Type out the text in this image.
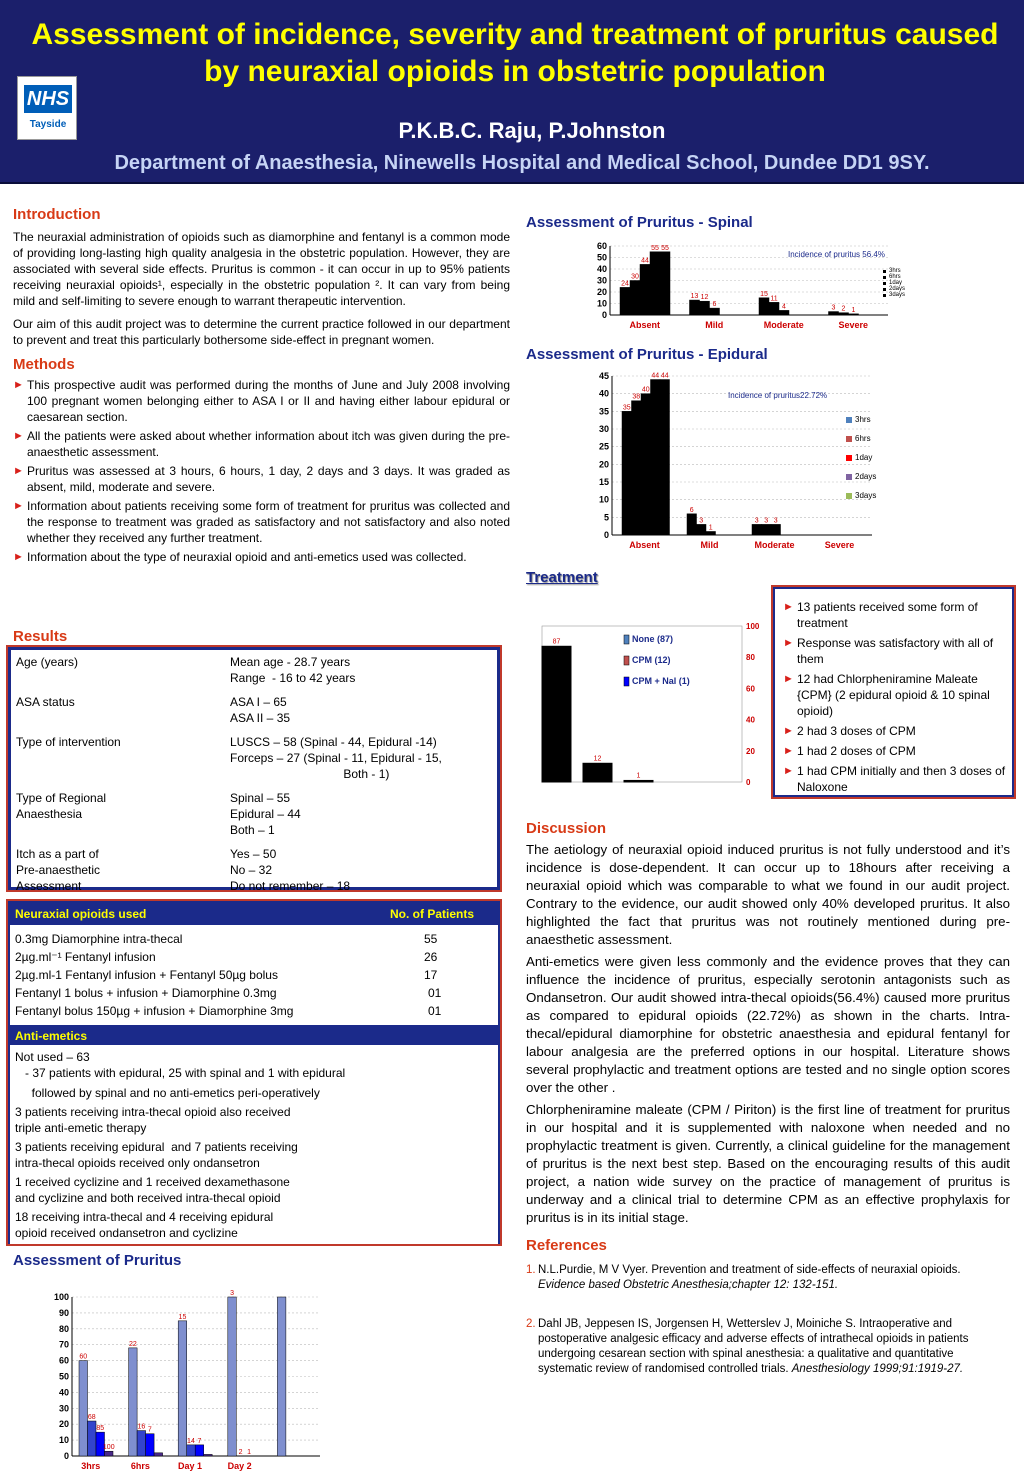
NHS
Tayside
Assessment of incidence, severity and treatment of pruritus caused by neuraxial opioids in obstetric population
P.K.B.C. Raju, P.Johnston
Department of Anaesthesia, Ninewells Hospital and Medical School, Dundee DD1 9SY.
Introduction

The neuraxial administration of opioids such as diamorphine and fentanyl is a common mode of providing long-lasting high quality analgesia in the obstetric population. However, they are associated with several side effects. Pruritus is common - it can occur in up to 95% patients receiving neuraxial opioids¹, especially in the obstetric population ². It can vary from being mild and self-limiting to severe enough to warrant therapeutic intervention.

Our aim of this audit project was to determine the current practice followed in our department to prevent and treat this particularly bothersome side-effect in pregnant women.

Methods
► This prospective audit was performed during the months of June and July 2008 involving 100 pregnant women belonging either to ASA I or II and having either labour epidural or caesarean section.
► All the patients were asked about whether information about itch was given during the pre-anaesthetic assessment.
► Pruritus was assessed at 3 hours, 6 hours, 1 day, 2 days and 3 days. It was graded as absent, mild, moderate and severe.
► Information about patients receiving some form of treatment for pruritus was collected and the response to treatment was graded as satisfactory and not satisfactory and also noted whether they received any further treatment.
► Information about the type of neuraxial opioid and anti-emetics used was collected.
Results
Age (years)	Mean age - 28.7 years
Range  - 16 to 42 years
ASA status	ASA I – 65
ASA II – 35
Type of intervention	LUSCS – 58 (Spinal - 44, Epidural -14)
Forceps – 27 (Spinal - 11, Epidural - 15,
Both - 1)
Type of Regional
Anaesthesia
Spinal – 55
Epidural – 44
Both – 1
Itch as a part of
Pre-anaesthetic
Assessment
Yes – 50
No – 32
Do not remember – 18
Neuraxial opioids used	No. of Patients
0.3mg Diamorphine intra-thecal	55
2µg.ml⁻¹ Fentanyl infusion	26
2µg.ml-1 Fentanyl infusion + Fentanyl 50µg bolus	17
Fentanyl 1 bolus + infusion + Diamorphine 0.3mg	01
Fentanyl bolus 150µg + infusion + Diamorphine 3mg	01
Anti-emetics
Not used – 63
- 37 patients with epidural, 25 with spinal and 1 with epidural
followed by spinal and no anti-emetics peri-operatively
3 patients receiving intra-thecal opioid also received
triple anti-emetic therapy
3 patients receiving epidural  and 7 patients receiving
intra-thecal opioids received only ondansetron
1 received cyclizine and 1 received dexamethasone
and cyclizine and both received intra-thecal opioid
18 receiving intra-thecal and 4 receiving epidural
opioid received ondansetron and cyclizine
Assessment of Pruritus
0
10
20
30
40
50
60
70
80
90
100
60
68
85
100
3hrs
22
16 7
6hrs
15
14 7
Day 1
3
2 1
Day 2
Assessment of Pruritus - Spinal
0
10
20
30
40
50
60
24
30
44
55 55
Absent
13 12
6
Mild
15
11
4
Moderate
3 2 1
Severe
Incidence of pruritus 56.4%
3hrs
6hrs
1day
2days
3days
Assessment of Pruritus - Epidural
0
5
10
15
20
25
30
35
40
45
35
38
40
44 44
Absent
6
3
1
Mild
3 3 3
Moderate	Severe
Incidence of pruritus22.72%
3hrs
6hrs
1day
2days
3days
Treatment
0
20
40
60
80
100
87
12
1
None (87)
CPM (12)
CPM + Nal (1)
► 13 patients received some form of treatment
► Response was satisfactory with all of them
► 12 had Chlorpheniramine Maleate {CPM} (2 epidural opioid & 10 spinal opioid)
► 2 had 3 doses of CPM
► 1 had 2 doses of CPM
► 1 had CPM initially and then 3 doses of Naloxone
Discussion

The aetiology of neuraxial opioid induced pruritus is not fully understood and it’s incidence is dose-dependent. It can occur up to 18hours after receiving a neuraxial opioid which was comparable to what we found in our audit project. Contrary to the evidence, our audit showed only 40% developed pruritus. It also highlighted the fact that pruritus was not routinely mentioned during pre-anaesthetic assessment.

Anti-emetics were given less commonly and the evidence proves that they can influence the incidence of pruritus, especially serotonin antagonists such as Ondansetron. Our audit showed intra-thecal opioids(56.4%) caused more pruritus as compared to epidural opioids (22.72%) as shown in the charts. Intra-thecal/epidural diamorphine for obstetric anaesthesia and epidural fentanyl for labour analgesia are the preferred options in our hospital. Literature shows several prophylactic and treatment options are tested and no single option scores over the other .

Chlorpheniramine maleate (CPM / Piriton) is the first line of treatment for pruritus in our hospital and it is supplemented with naloxone when needed and no prophylactic treatment is given. Currently, a clinical guideline for the management of pruritus is the next best step. Based on the encouraging results of this audit project, a nation wide survey on the practice of management of pruritus is underway and a clinical trial to determine CPM as an effective prophylaxis for pruritus is in its initial stage.

References
1. N.L.Purdie, M V Vyer. Prevention and treatment of side-effects of neuraxial opioids. Evidence based Obstetric Anesthesia;chapter 12: 132-151.
2. Dahl JB, Jeppesen IS, Jorgensen H, Wetterslev J, Moiniche S. Intraoperative and postoperative analgesic efficacy and adverse effects of intrathecal opioids in patients undergoing cesarean section with spinal anesthesia: a qualitative and quantitative systematic review of randomised controlled trials. Anesthesiology 1999;91:1919-27.
